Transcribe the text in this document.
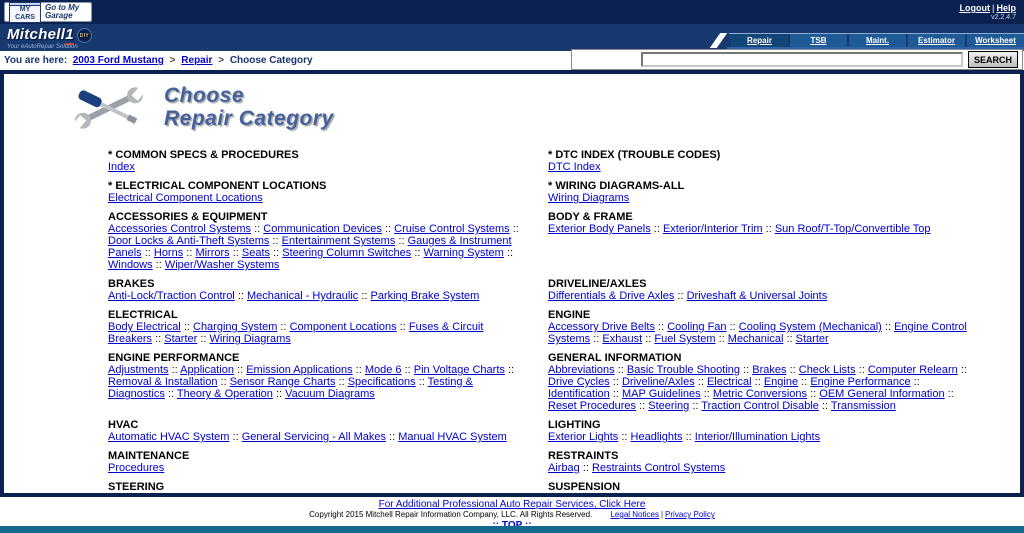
MY CARS
Go to My Garage
Logout | Help
v2.2.4.7
Mitchell1 DIY
Your eAutoRepair Solution
Repair	TSB	Maint.	Estimator	Worksheet
You are here: 2003 Ford Mustang > Repair > Choose Category	SEARCH
Choose
Repair Category
* COMMON SPECS & PROCEDURES
Index
* DTC INDEX (TROUBLE CODES)
DTC Index
* ELECTRICAL COMPONENT LOCATIONS
Electrical Component Locations
* WIRING DIAGRAMS-ALL
Wiring Diagrams
ACCESSORIES & EQUIPMENT
Accessories Control Systems :: Communication Devices :: Cruise Control Systems :: Door Locks & Anti-Theft Systems :: Entertainment Systems :: Gauges & Instrument Panels :: Horns :: Mirrors :: Seats :: Steering Column Switches :: Warning System :: Windows :: Wiper/Washer Systems
BODY & FRAME
Exterior Body Panels :: Exterior/Interior Trim :: Sun Roof/T-Top/Convertible Top
BRAKES
Anti-Lock/Traction Control :: Mechanical - Hydraulic :: Parking Brake System
DRIVELINE/AXLES
Differentials & Drive Axles :: Driveshaft & Universal Joints
ELECTRICAL
Body Electrical :: Charging System :: Component Locations :: Fuses & Circuit Breakers :: Starter :: Wiring Diagrams
ENGINE
Accessory Drive Belts :: Cooling Fan :: Cooling System (Mechanical) :: Engine Control Systems :: Exhaust :: Fuel System :: Mechanical :: Starter
ENGINE PERFORMANCE
Adjustments :: Application :: Emission Applications :: Mode 6 :: Pin Voltage Charts :: Removal & Installation :: Sensor Range Charts :: Specifications :: Testing & Diagnostics :: Theory & Operation :: Vacuum Diagrams
GENERAL INFORMATION
Abbreviations :: Basic Trouble Shooting :: Brakes :: Check Lists :: Computer Relearn :: Drive Cycles :: Driveline/Axles :: Electrical :: Engine :: Engine Performance :: Identification :: MAP Guidelines :: Metric Conversions :: OEM General Information :: Reset Procedures :: Steering :: Traction Control Disable :: Transmission
HVAC
Automatic HVAC System :: General Servicing - All Makes :: Manual HVAC System
LIGHTING
Exterior Lights :: Headlights :: Interior/Illumination Lights
MAINTENANCE
Procedures
RESTRAINTS
Airbag :: Restraints Control Systems
STEERING	SUSPENSION
For Additional Professional Auto Repair Services, Click Here
Copyright 2015 Mitchell Repair Information Company, LLC. All Rights Reserved. Legal Notices | Privacy Policy
